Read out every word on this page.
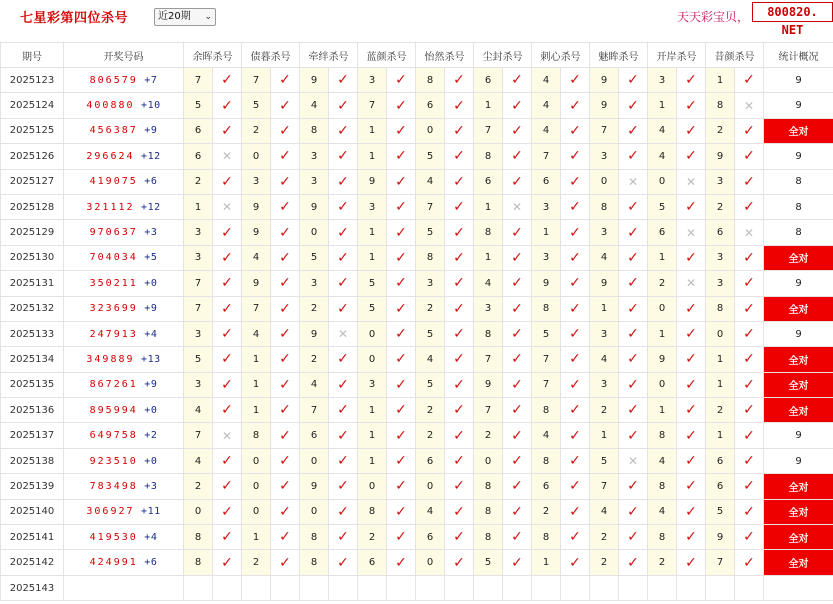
七星彩第四位杀号	近20期 ⌄	天天彩宝贝，	800820. NET
期号	开奖号码	余晖杀号		债暮杀号		牵绊杀号		蓝颜杀号		怡然杀号		尘封杀号		刺心杀号		魅眸杀号		开岸杀号		昔颜杀号		统计概况
2025123	806579 +7	7	✓	7	✓	9	✓	3	✓	8	✓	6	✓	4	✓	9	✓	3	✓	1	✓	9
2025124	400880 +10	5	✓	5	✓	4	✓	7	✓	6	✓	1	✓	4	✓	9	✓	1	✓	8	✕	9
2025125	456387 +9	6	✓	2	✓	8	✓	1	✓	0	✓	7	✓	4	✓	7	✓	4	✓	2	✓	全对
2025126	296624 +12	6	✕	0	✓	3	✓	1	✓	5	✓	8	✓	7	✓	3	✓	4	✓	9	✓	9
2025127	419075 +6	2	✓	3	✓	3	✓	9	✓	4	✓	6	✓	6	✓	0	✕	0	✕	3	✓	8
2025128	321112 +12	1	✕	9	✓	9	✓	3	✓	7	✓	1	✕	3	✓	8	✓	5	✓	2	✓	8
2025129	970637 +3	3	✓	9	✓	0	✓	1	✓	5	✓	8	✓	1	✓	3	✓	6	✕	6	✕	8
2025130	704034 +5	3	✓	4	✓	5	✓	1	✓	8	✓	1	✓	3	✓	4	✓	1	✓	3	✓	全对
2025131	350211 +0	7	✓	9	✓	3	✓	5	✓	3	✓	4	✓	9	✓	9	✓	2	✕	3	✓	9
2025132	323699 +9	7	✓	7	✓	2	✓	5	✓	2	✓	3	✓	8	✓	1	✓	0	✓	8	✓	全对
2025133	247913 +4	3	✓	4	✓	9	✕	0	✓	5	✓	8	✓	5	✓	3	✓	1	✓	0	✓	9
2025134	349889 +13	5	✓	1	✓	2	✓	0	✓	4	✓	7	✓	7	✓	4	✓	9	✓	1	✓	全对
2025135	867261 +9	3	✓	1	✓	4	✓	3	✓	5	✓	9	✓	7	✓	3	✓	0	✓	1	✓	全对
2025136	895994 +0	4	✓	1	✓	7	✓	1	✓	2	✓	7	✓	8	✓	2	✓	1	✓	2	✓	全对
2025137	649758 +2	7	✕	8	✓	6	✓	1	✓	2	✓	2	✓	4	✓	1	✓	8	✓	1	✓	9
2025138	923510 +0	4	✓	0	✓	0	✓	1	✓	6	✓	0	✓	8	✓	5	✕	4	✓	6	✓	9
2025139	783498 +3	2	✓	0	✓	9	✓	0	✓	0	✓	8	✓	6	✓	7	✓	8	✓	6	✓	全对
2025140	306927 +11	0	✓	0	✓	0	✓	8	✓	4	✓	8	✓	2	✓	4	✓	4	✓	5	✓	全对
2025141	419530 +4	8	✓	1	✓	8	✓	2	✓	6	✓	8	✓	8	✓	2	✓	8	✓	9	✓	全对
2025142	424991 +6	8	✓	2	✓	8	✓	6	✓	0	✓	5	✓	1	✓	2	✓	2	✓	7	✓	全对
2025143	当前期杀号	3		4		0		9		9		0		7		2		2		0		
